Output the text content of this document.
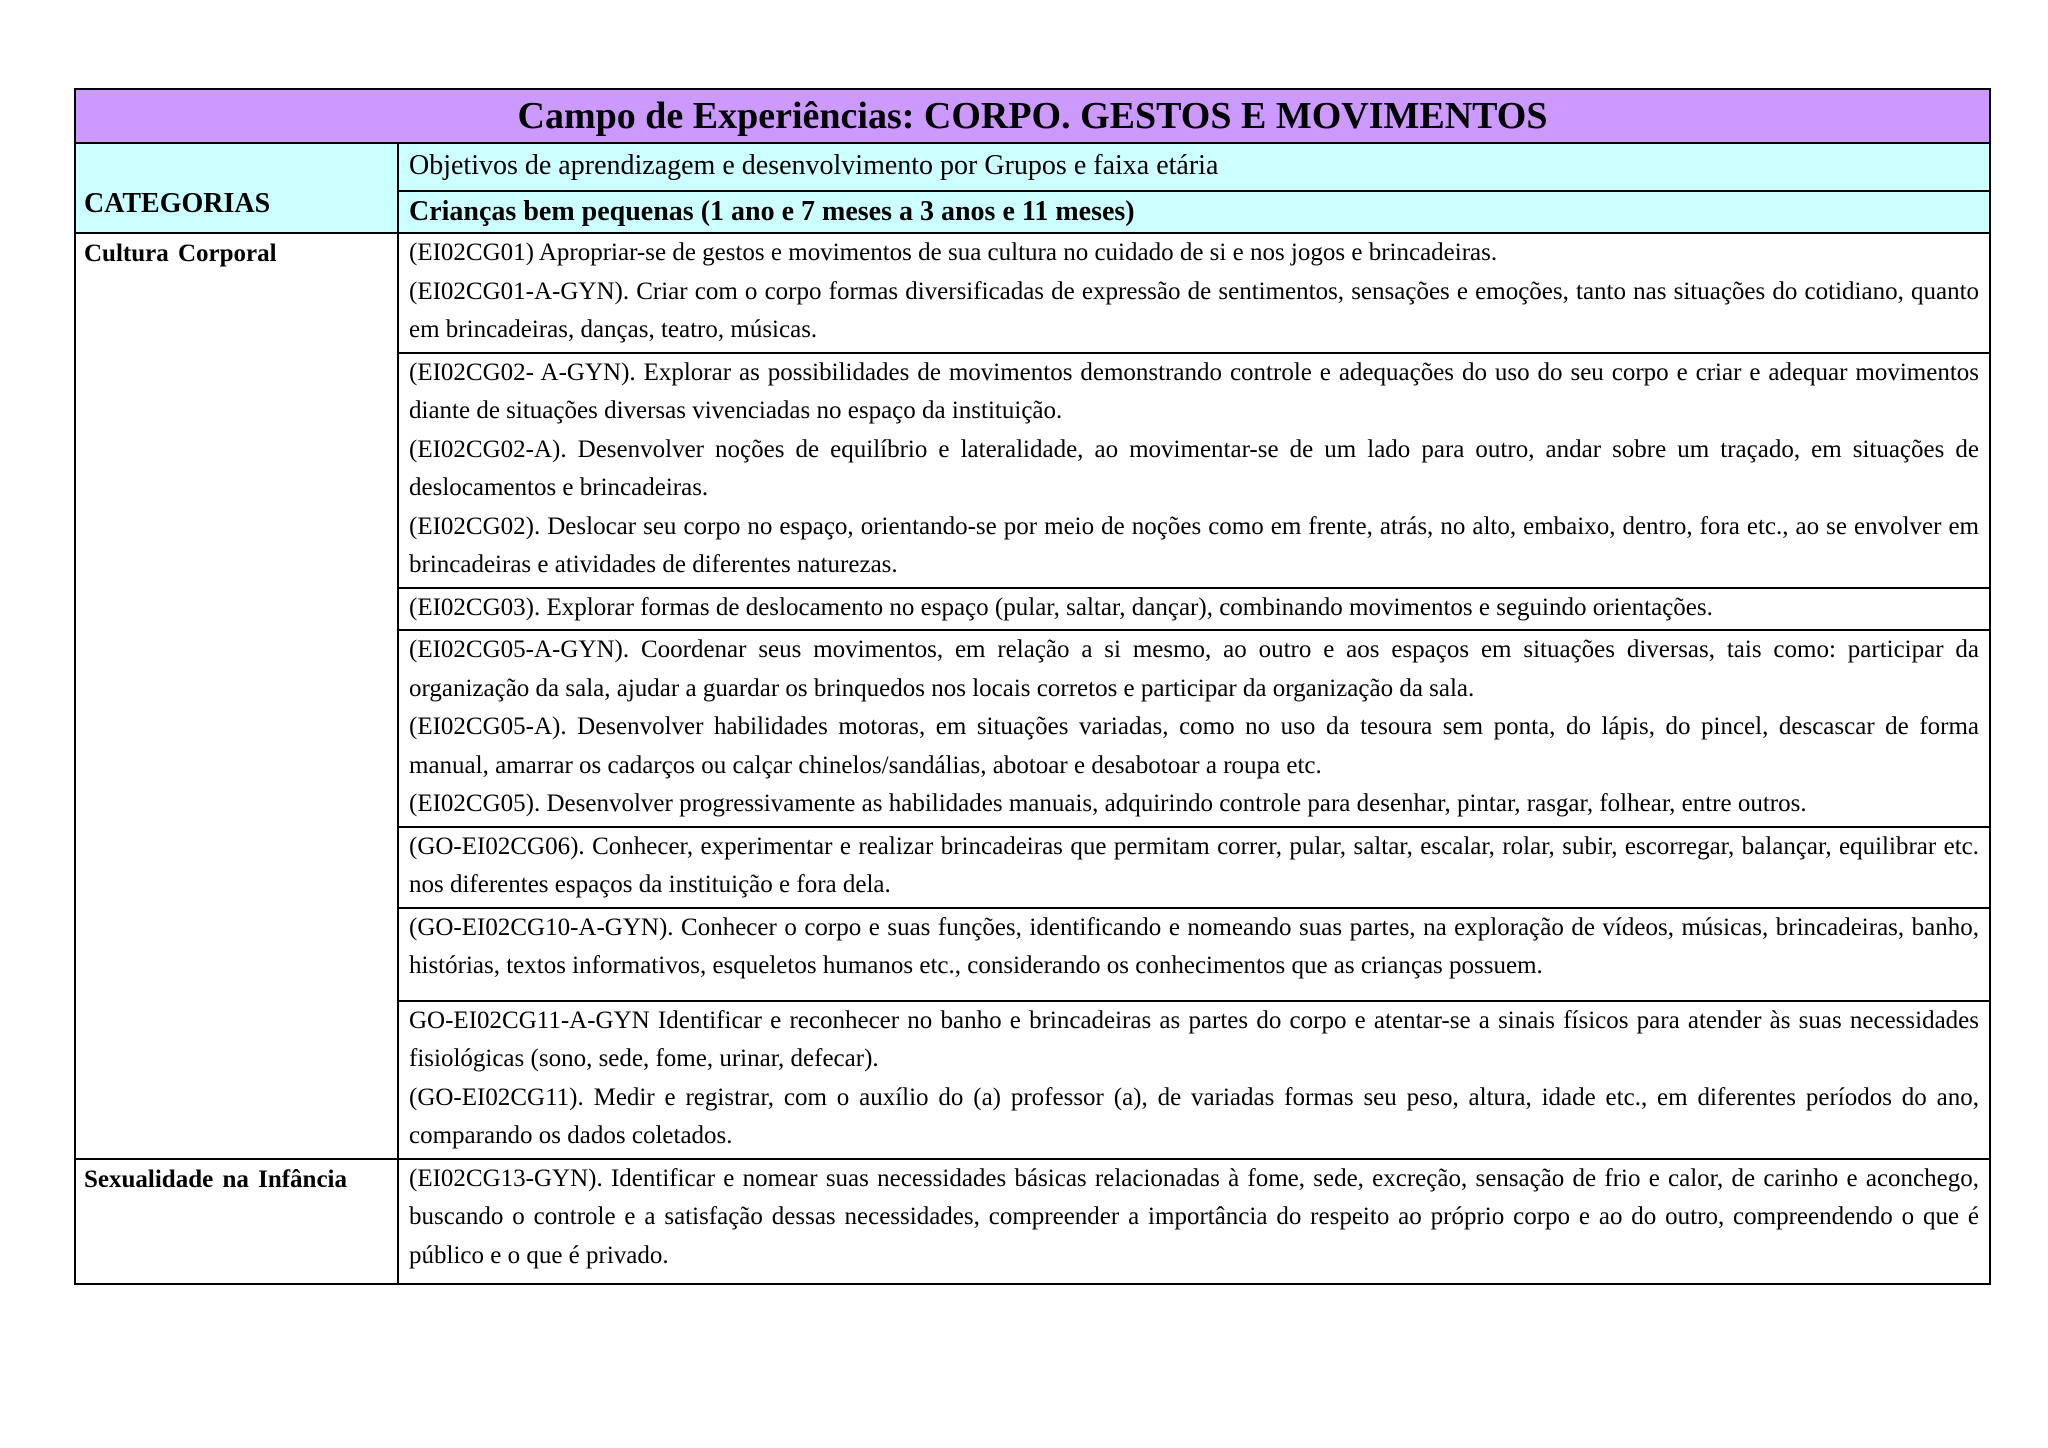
Campo de Experiências: CORPO. GESTOS E MOVIMENTOS	
CATEGORIAS	Objetivos de aprendizagem e desenvolvimento por Grupos e faixa etária
	Crianças bem pequenas (1 ano e 7 meses a 3 anos e 11 meses)
Cultura Corporal	(EI02CG01) Apropriar-se de gestos e movimentos de sua cultura no cuidado de si e nos jogos e brincadeiras.

(EI02CG01-A-GYN). Criar com o corpo formas diversificadas de expressão de sentimentos, sensações e emoções, tanto nas situações do cotidiano, quanto em brincadeiras, danças, teatro, músicas.

	(EI02CG02- A-GYN). Explorar as possibilidades de movimentos demonstrando controle e adequações do uso do seu corpo e criar e adequar movimentos diante de situações diversas vivenciadas no espaço da instituição.

(EI02CG02-A). Desenvolver noções de equilíbrio e lateralidade, ao movimentar-se de um lado para outro, andar sobre um traçado, em situações de deslocamentos e brincadeiras.

(EI02CG02). Deslocar seu corpo no espaço, orientando-se por meio de noções como em frente, atrás, no alto, embaixo, dentro, fora etc., ao se envolver em brincadeiras e atividades de diferentes naturezas.

	(EI02CG03). Explorar formas de deslocamento no espaço (pular, saltar, dançar), combinando movimentos e seguindo orientações.

	(EI02CG05-A-GYN). Coordenar seus movimentos, em relação a si mesmo, ao outro e aos espaços em situações diversas, tais como: participar da organização da sala, ajudar a guardar os brinquedos nos locais corretos e participar da organização da sala.

(EI02CG05-A). Desenvolver habilidades motoras, em situações variadas, como no uso da tesoura sem ponta, do lápis, do pincel, descascar de forma manual, amarrar os cadarços ou calçar chinelos/sandálias, abotoar e desabotoar a roupa etc.

(EI02CG05). Desenvolver progressivamente as habilidades manuais, adquirindo controle para desenhar, pintar, rasgar, folhear, entre outros.

	(GO-EI02CG06). Conhecer, experimentar e realizar brincadeiras que permitam correr, pular, saltar, escalar, rolar, subir, escorregar, balançar, equilibrar etc. nos diferentes espaços da instituição e fora dela.

	(GO-EI02CG10-A-GYN). Conhecer o corpo e suas funções, identificando e nomeando suas partes, na exploração de vídeos, músicas, brincadeiras, banho, histórias, textos informativos, esqueletos humanos etc., considerando os conhecimentos que as crianças possuem.

	GO-EI02CG11-A-GYN Identificar e reconhecer no banho e brincadeiras as partes do corpo e atentar-se a sinais físicos para atender às suas necessidades fisiológicas (sono, sede, fome, urinar, defecar).

(GO-EI02CG11). Medir e registrar, com o auxílio do (a) professor (a), de variadas formas seu peso, altura, idade etc., em diferentes períodos do ano, comparando os dados coletados.

Sexualidade na Infância	(EI02CG13-GYN). Identificar e nomear suas necessidades básicas relacionadas à fome, sede, excreção, sensação de frio e calor, de carinho e aconchego, buscando o controle e a satisfação dessas necessidades, compreender a importância do respeito ao próprio corpo e ao do outro, compreendendo o que é público e o que é privado.
